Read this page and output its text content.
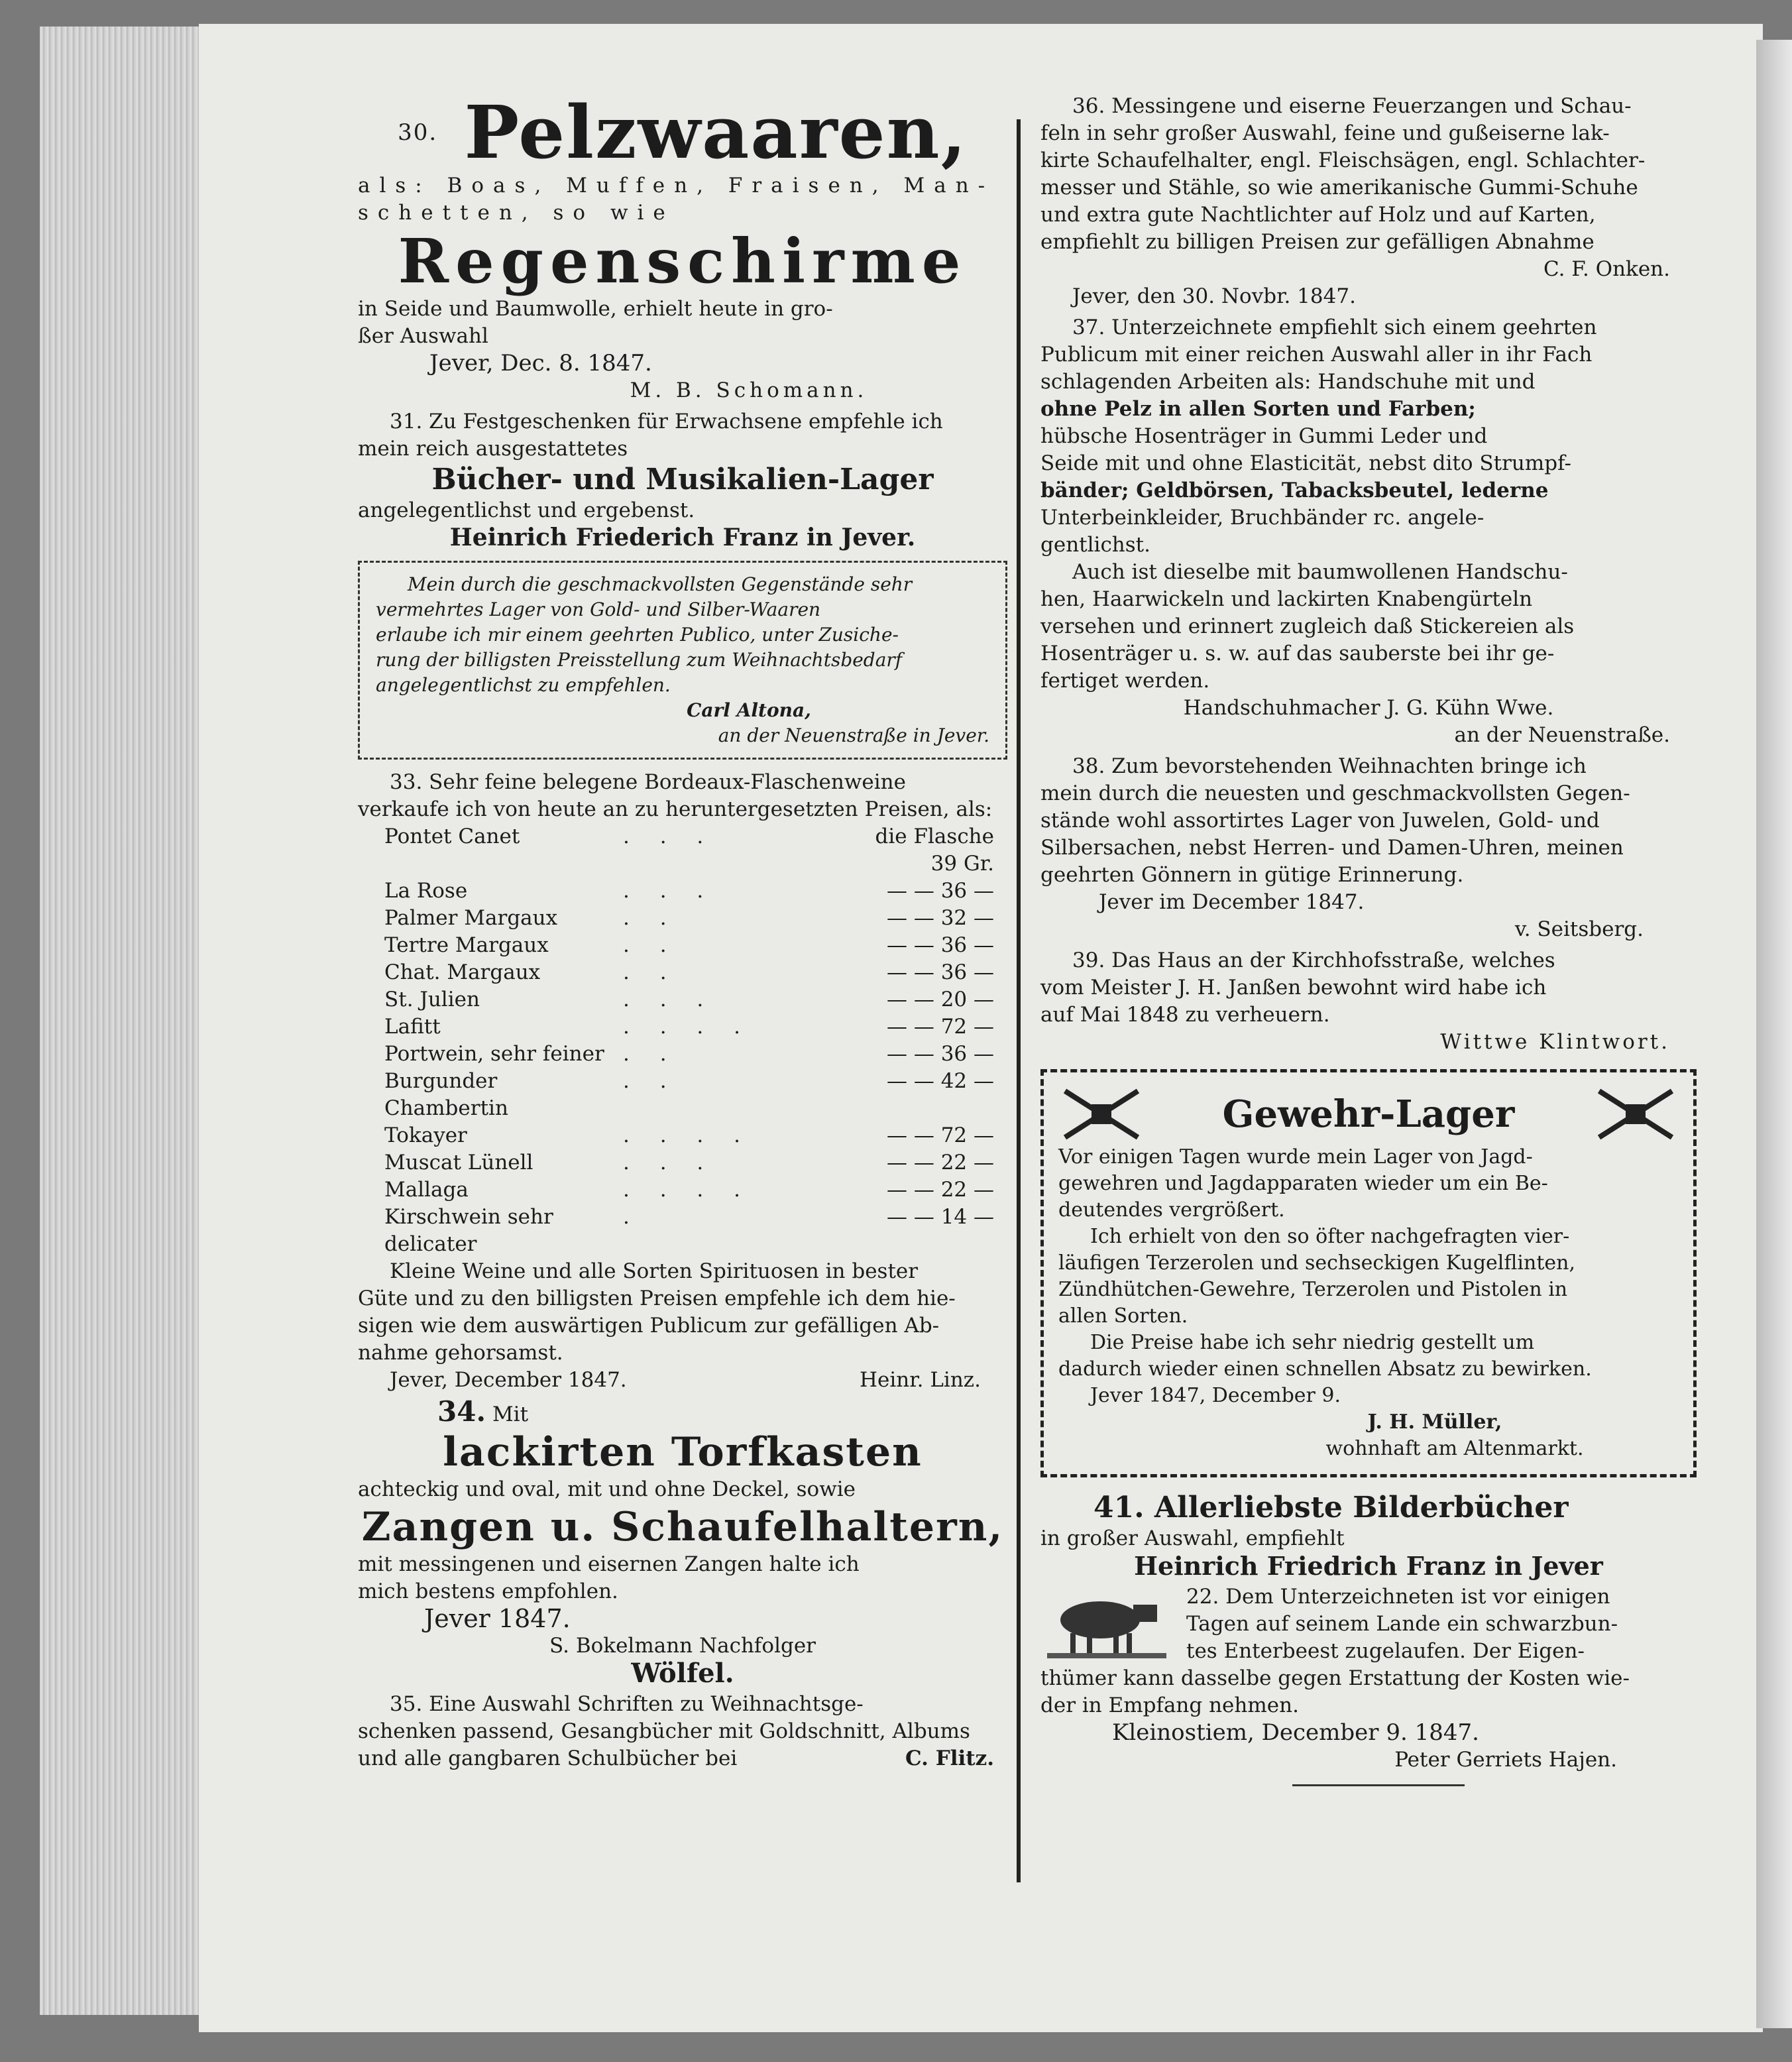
$^{30.}$ Pelzwaaren,
als: Boas, Muffen, Fraisen, Man-
schetten, so wie
Regenschirme
in Seide und Baumwolle, erhielt heute in gro-
ßer Auswahl
Jever, Dec. 8. 1847.
M. B. Schomann.
31. Zu Festgeschenken für Erwachsene empfehle ich
mein reich ausgestattetes
Bücher- und Musikalien-Lager
angelegentlichst und ergebenst.
Heinrich Friederich Franz in Jever.
Mein durch die geschmackvollsten Gegenstände sehr
vermehrtes Lager von Gold- und Silber-Waaren
erlaube ich mir einem geehrten Publico, unter Zusiche-
rung der billigsten Preisstellung zum Weihnachtsbedarf
angelegentlichst zu empfehlen.
Carl Altona,
an der Neuenstraße in Jever.
33. Sehr feine belegene Bordeaux-Flaschenweine
verkaufe ich von heute an zu heruntergesetzten Preisen, als:
Pontet Canet	. . .	die Flasche 39 Gr.
La Rose	. . .	— — 36 —
Palmer Margaux	. .	— — 32 —
Tertre Margaux	. .	— — 36 —
Chat. Margaux	. .	— — 36 —
St. Julien	. . .	— — 20 —
Lafitt	. . . .	— — 72 —
Portwein, sehr feiner . .	— — 36 —
Burgunder Chambertin
. .	— — 42 —
Tokayer	. . . .	— — 72 —
Muscat Lünell	. . .	— — 22 —
Mallaga	. . . .	— — 22 —
Kirschwein sehr delicater
.	— — 14 —
Kleine Weine und alle Sorten Spirituosen in bester
Güte und zu den billigsten Preisen empfehle ich dem hie-
sigen wie dem auswärtigen Publicum zur gefälligen Ab-
nahme gehorsamst.
Jever, December 1847.	Heinr. Linz.
34. Mit
lackirten Torfkasten
achteckig und oval, mit und ohne Deckel, sowie
Zangen u. Schaufelhaltern,
mit messingenen und eisernen Zangen halte ich
mich bestens empfohlen.
Jever 1847.
S. Bokelmann Nachfolger
Wölfel.
35. Eine Auswahl Schriften zu Weihnachtsge-
schenken passend, Gesangbücher mit Goldschnitt, Albums
und alle gangbaren Schulbücher bei	C. Flitz.
36. Messingene und eiserne Feuerzangen und Schau-
feln in sehr großer Auswahl, feine und gußeiserne lak-
kirte Schaufelhalter, engl. Fleischsägen, engl. Schlachter-
messer und Stähle, so wie amerikanische Gummi-Schuhe
und extra gute Nachtlichter auf Holz und auf Karten,
empfiehlt zu billigen Preisen zur gefälligen Abnahme
C. F. Onken.
Jever, den 30. Novbr. 1847.
37. Unterzeichnete empfiehlt sich einem geehrten
Publicum mit einer reichen Auswahl aller in ihr Fach
schlagenden Arbeiten als: Handschuhe mit und
ohne Pelz in allen Sorten und Farben;
hübsche Hosenträger in Gummi Leder und
Seide mit und ohne Elasticität, nebst dito Strumpf-
bänder; Geldbörsen, Tabacksbeutel, lederne
Unterbeinkleider, Bruchbänder rc. angele-
gentlichst.
Auch ist dieselbe mit baumwollenen Handschu-
hen, Haarwickeln und lackirten Knabengürteln
versehen und erinnert zugleich daß Stickereien als
Hosenträger u. s. w. auf das sauberste bei ihr ge-
fertiget werden.
Handschuhmacher J. G. Kühn Wwe.
an der Neuenstraße.
38. Zum bevorstehenden Weihnachten bringe ich
mein durch die neuesten und geschmackvollsten Gegen-
stände wohl assortirtes Lager von Juwelen, Gold- und
Silbersachen, nebst Herren- und Damen-Uhren, meinen
geehrten Gönnern in gütige Erinnerung.
Jever im December 1847.
v. Seitsberg.
39. Das Haus an der Kirchhofsstraße, welches
vom Meister J. H. Janßen bewohnt wird habe ich
auf Mai 1848 zu verheuern.
Wittwe Klintwort.
Gewehr-Lager
Vor einigen Tagen wurde mein Lager von Jagd-
gewehren und Jagdapparaten wieder um ein Be-
deutendes vergrößert.
Ich erhielt von den so öfter nachgefragten vier-
läufigen Terzerolen und sechseckigen Kugelflinten,
Zündhütchen-Gewehre, Terzerolen und Pistolen in
allen Sorten.
Die Preise habe ich sehr niedrig gestellt um
dadurch wieder einen schnellen Absatz zu bewirken.
Jever 1847, December 9.
J. H. Müller,
wohnhaft am Altenmarkt.
41. Allerliebste Bilderbücher
in großer Auswahl, empfiehlt
Heinrich Friedrich Franz in Jever
22. Dem Unterzeichneten ist vor einigen
Tagen auf seinem Lande ein schwarzbun-
tes Enterbeest zugelaufen. Der Eigen-
thümer kann dasselbe gegen Erstattung der Kosten wie-
der in Empfang nehmen.
Kleinostiem, December 9. 1847.
Peter Gerriets Hajen.
